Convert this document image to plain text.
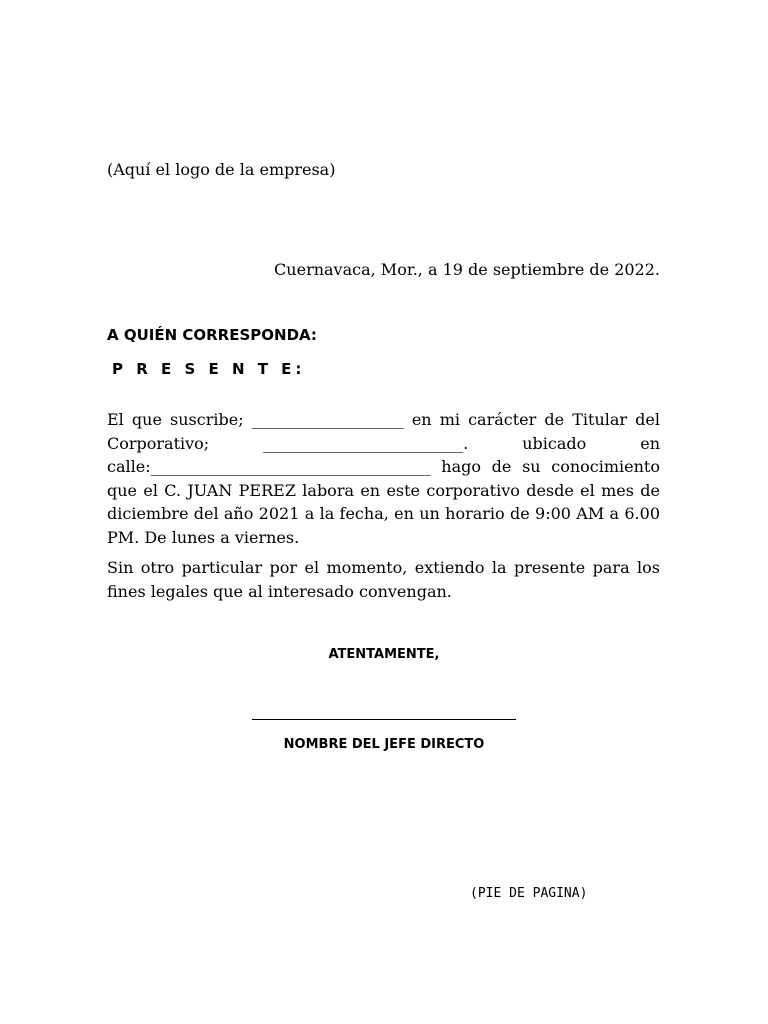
(Aquí el logo de la empresa)
Cuernavaca, Mor., a 19 de septiembre de 2022.
A QUIÉN CORRESPONDA:
P R E S E N T E:
El que suscribe; ___________________ en mi carácter de Titular del Corporativo; _________________________. ubicado en calle:___________________________________ hago de su conocimiento que el C. JUAN PEREZ labora en este corporativo desde el mes de diciembre del año 2021 a la fecha, en un horario de 9:00 AM a 6.00 PM. De lunes a viernes.
Sin otro particular por el momento, extiendo la presente para los fines legales que al interesado convengan.
ATENTAMENTE,
NOMBRE DEL JEFE DIRECTO
(PIE DE PAGINA)
